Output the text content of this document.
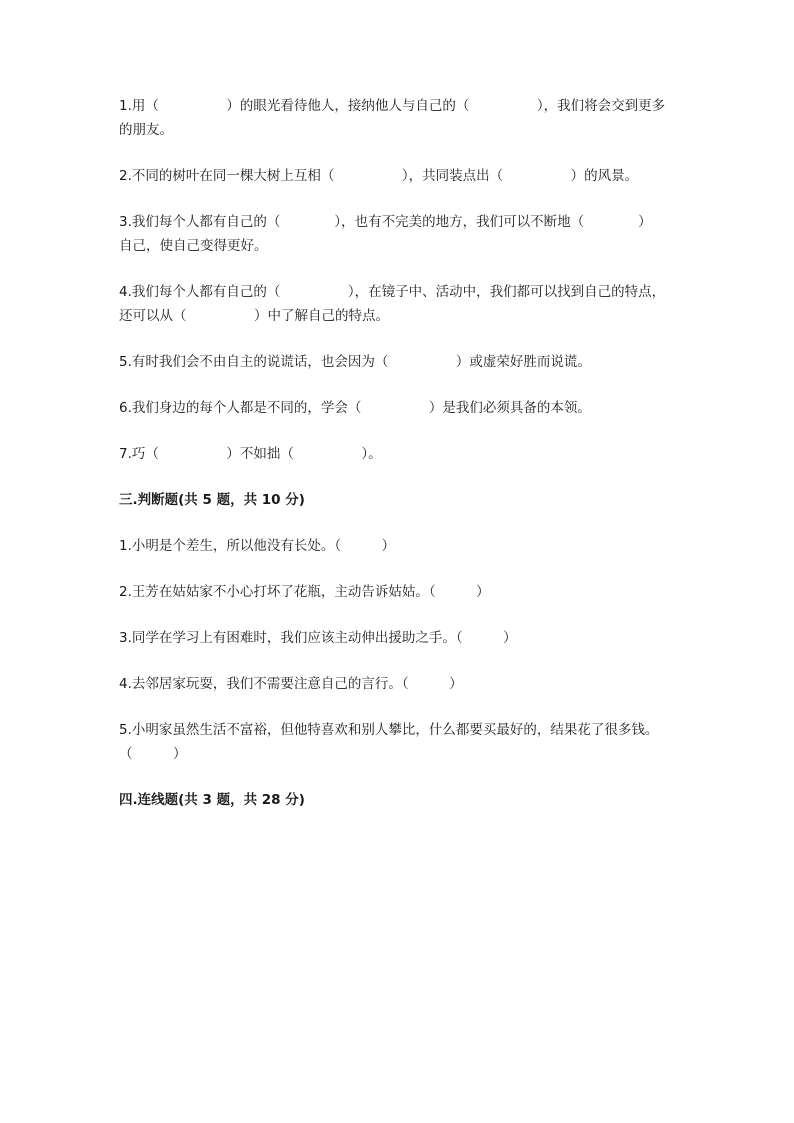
1.用（　　　　　）的眼光看待他人，接纳他人与自己的（　　　　　），我们将会交到更多
的朋友。
2.不同的树叶在同一棵大树上互相（　　　　　），共同装点出（　　　　　）的风景。
3.我们每个人都有自己的（　　　　），也有不完美的地方，我们可以不断地（　　　　）
自己，使自己变得更好。
4.我们每个人都有自己的（　　　　　），在镜子中、活动中，我们都可以找到自己的特点，
还可以从（　　　　　）中了解自己的特点。
5.有时我们会不由自主的说谎话，也会因为（　　　　　）或虚荣好胜而说谎。
6.我们身边的每个人都是不同的，学会（　　　　　）是我们必须具备的本领。
7.巧（　　　　　）不如拙（　　　　　）。
三.判断题(共 5 题，共 10 分)
1.小明是个差生，所以他没有长处。（　　　）
2.王芳在姑姑家不小心打坏了花瓶，主动告诉姑姑。（　　　）
3.同学在学习上有困难时，我们应该主动伸出援助之手。（　　　）
4.去邻居家玩耍，我们不需要注意自己的言行。（　　　）
5.小明家虽然生活不富裕，但他特喜欢和别人攀比，什么都要买最好的，结果花了很多钱。
（　　　）
四.连线题(共 3 题，共 28 分)
